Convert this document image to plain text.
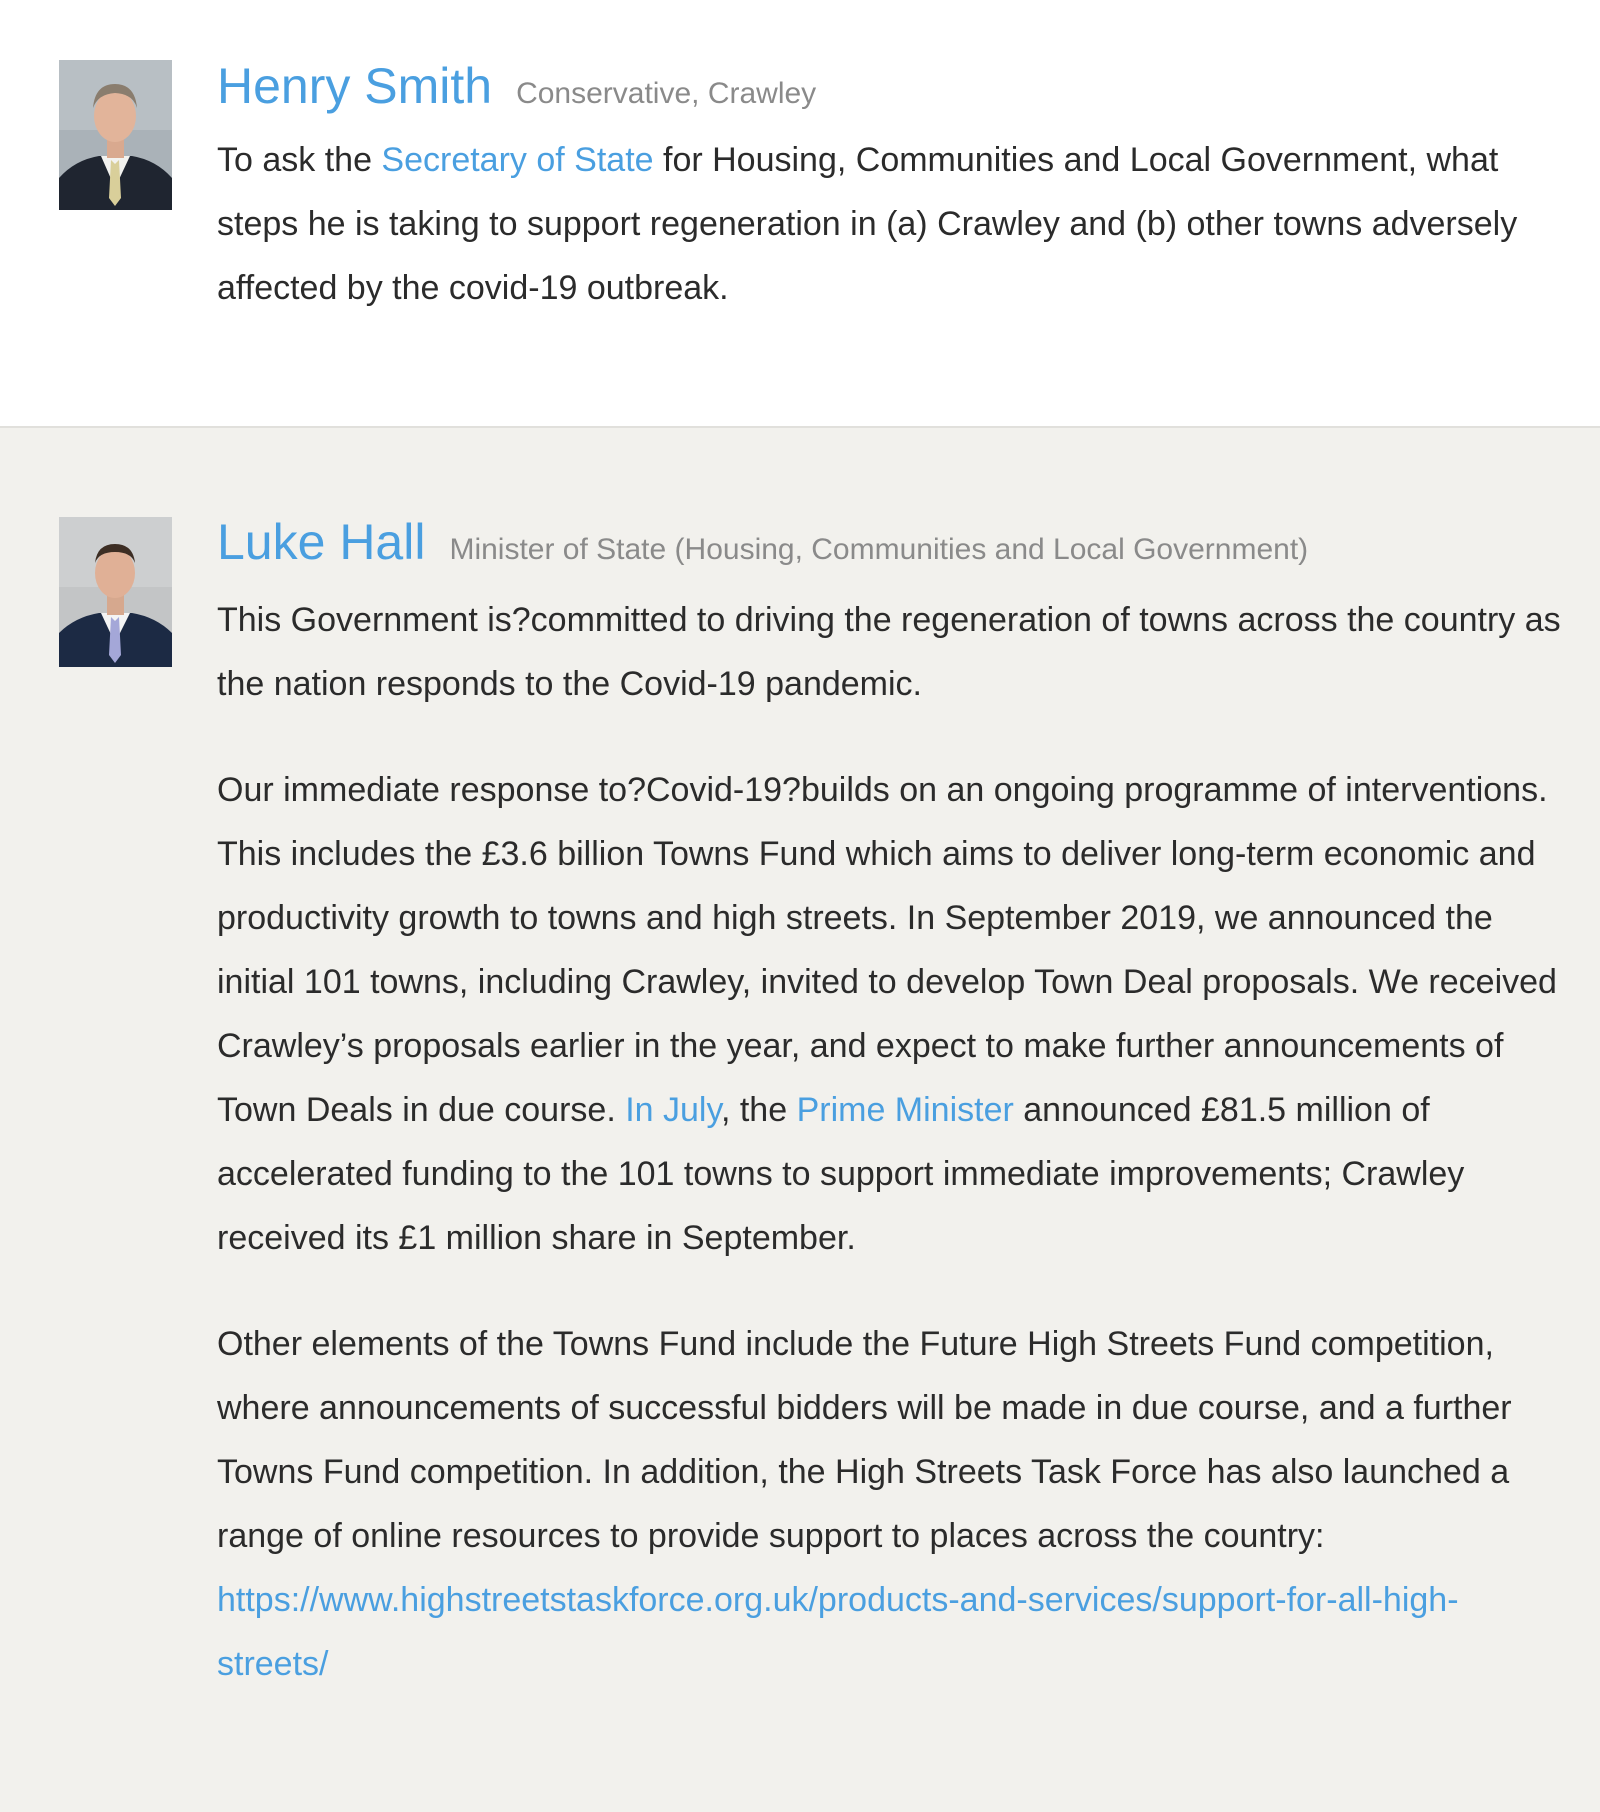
Henry Smith Conservative, Crawley

To ask the Secretary of State for Housing, Communities and Local Government, what steps he is taking to support regeneration in (a) Crawley and (b) other towns adversely affected by the covid-19 outbreak.

Luke Hall Minister of State (Housing, Communities and Local Government)

This Government is?committed to driving the regeneration of towns across the country as the nation responds to the Covid-19 pandemic.

Our immediate response to?Covid-19?builds on an ongoing programme of interventions. This includes the £3.6 billion Towns Fund which aims to deliver long-term economic and productivity growth to towns and high streets. In September 2019, we announced the initial 101 towns, including Crawley, invited to develop Town Deal proposals. We received Crawley’s proposals earlier in the year, and expect to make further announcements of Town Deals in due course. In July, the Prime Minister announced £81.5 million of accelerated funding to the 101 towns to support immediate improvements; Crawley received its £1 million share in September.

Other elements of the Towns Fund include the Future High Streets Fund competition, where announcements of successful bidders will be made in due course, and a further Towns Fund competition. In addition, the High Streets Task Force has also launched a range of online resources to provide support to places across the country: https://www.highstreetstaskforce.org.uk/products-and-services/support-for-all-high-streets/
